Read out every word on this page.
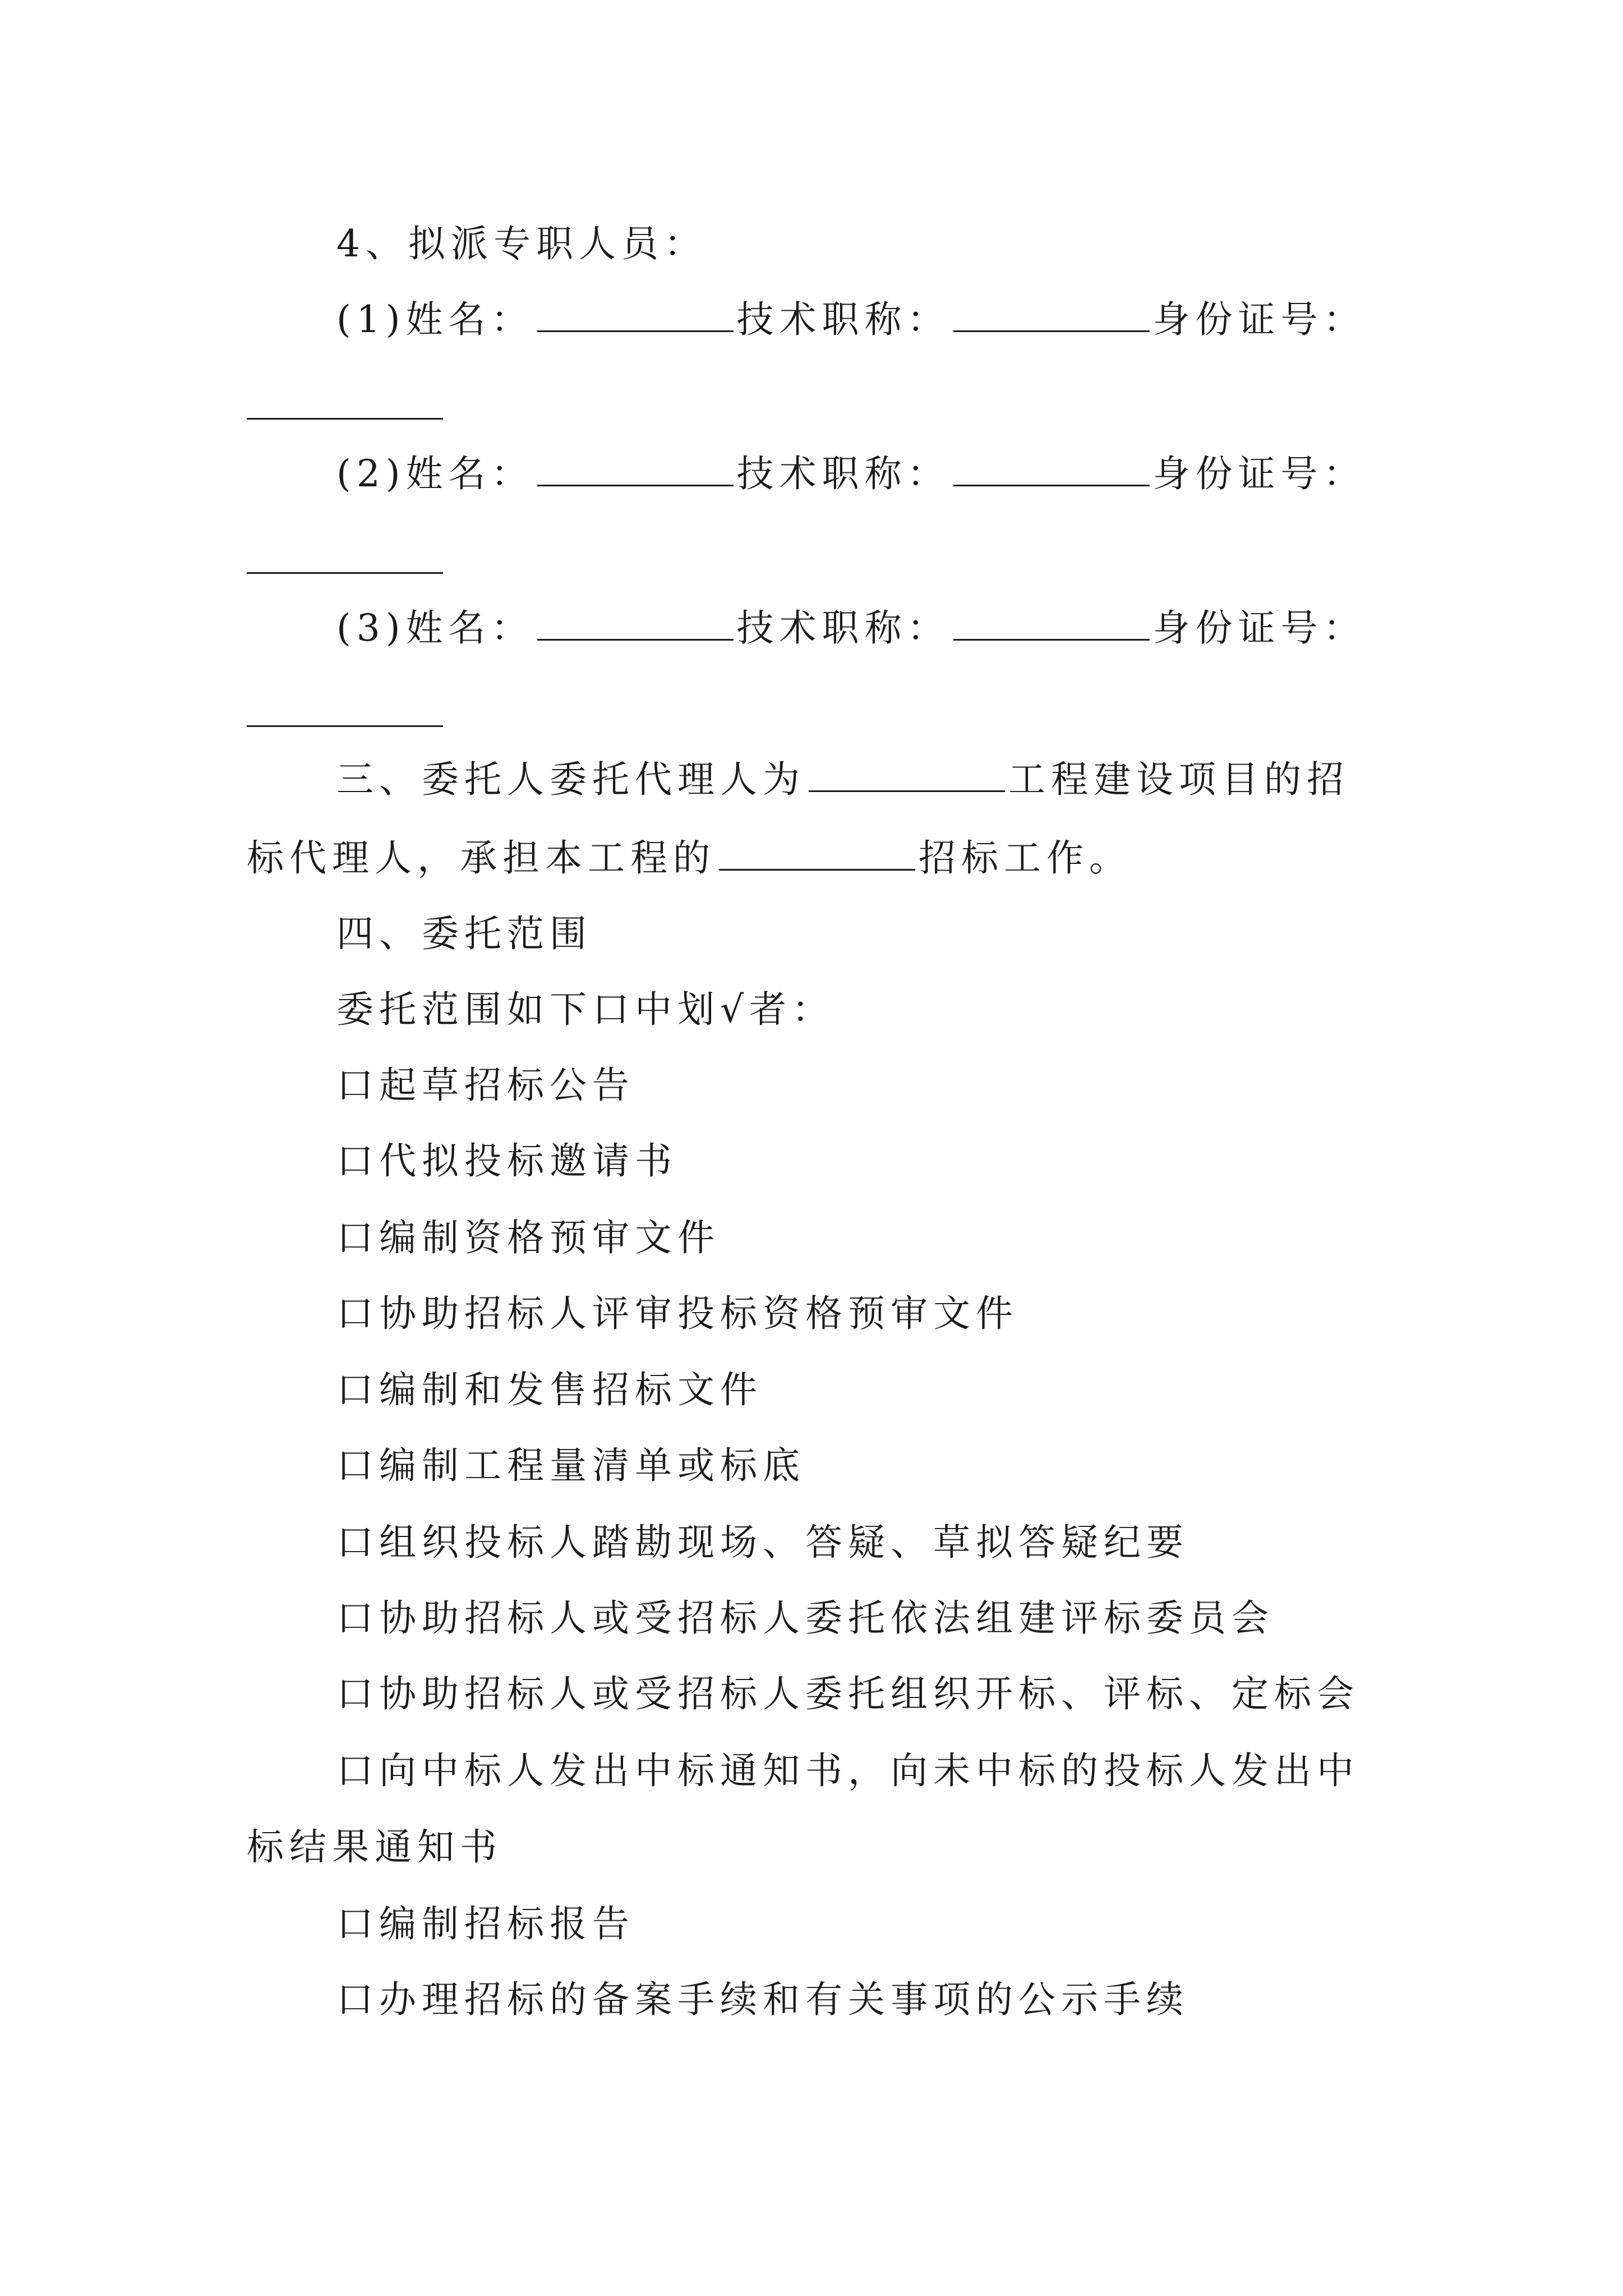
4、拟派专职人员：
(1)姓名：	技术职称：	身份证号：
(2)姓名：	技术职称：	身份证号：
(3)姓名：	技术职称：	身份证号：
三、委托人委托代理人为	工程建设项目的招
标代理人，承担本工程的	招标工作。
四、委托范围
委托范围如下口中划√者：
口起草招标公告
口代拟投标邀请书
口编制资格预审文件
口协助招标人评审投标资格预审文件
口编制和发售招标文件
口编制工程量清单或标底
口组织投标人踏勘现场、答疑、草拟答疑纪要
口协助招标人或受招标人委托依法组建评标委员会
口协助招标人或受招标人委托组织开标、评标、定标会
口向中标人发出中标通知书，向未中标的投标人发出中
标结果通知书
口编制招标报告
口办理招标的备案手续和有关事项的公示手续
